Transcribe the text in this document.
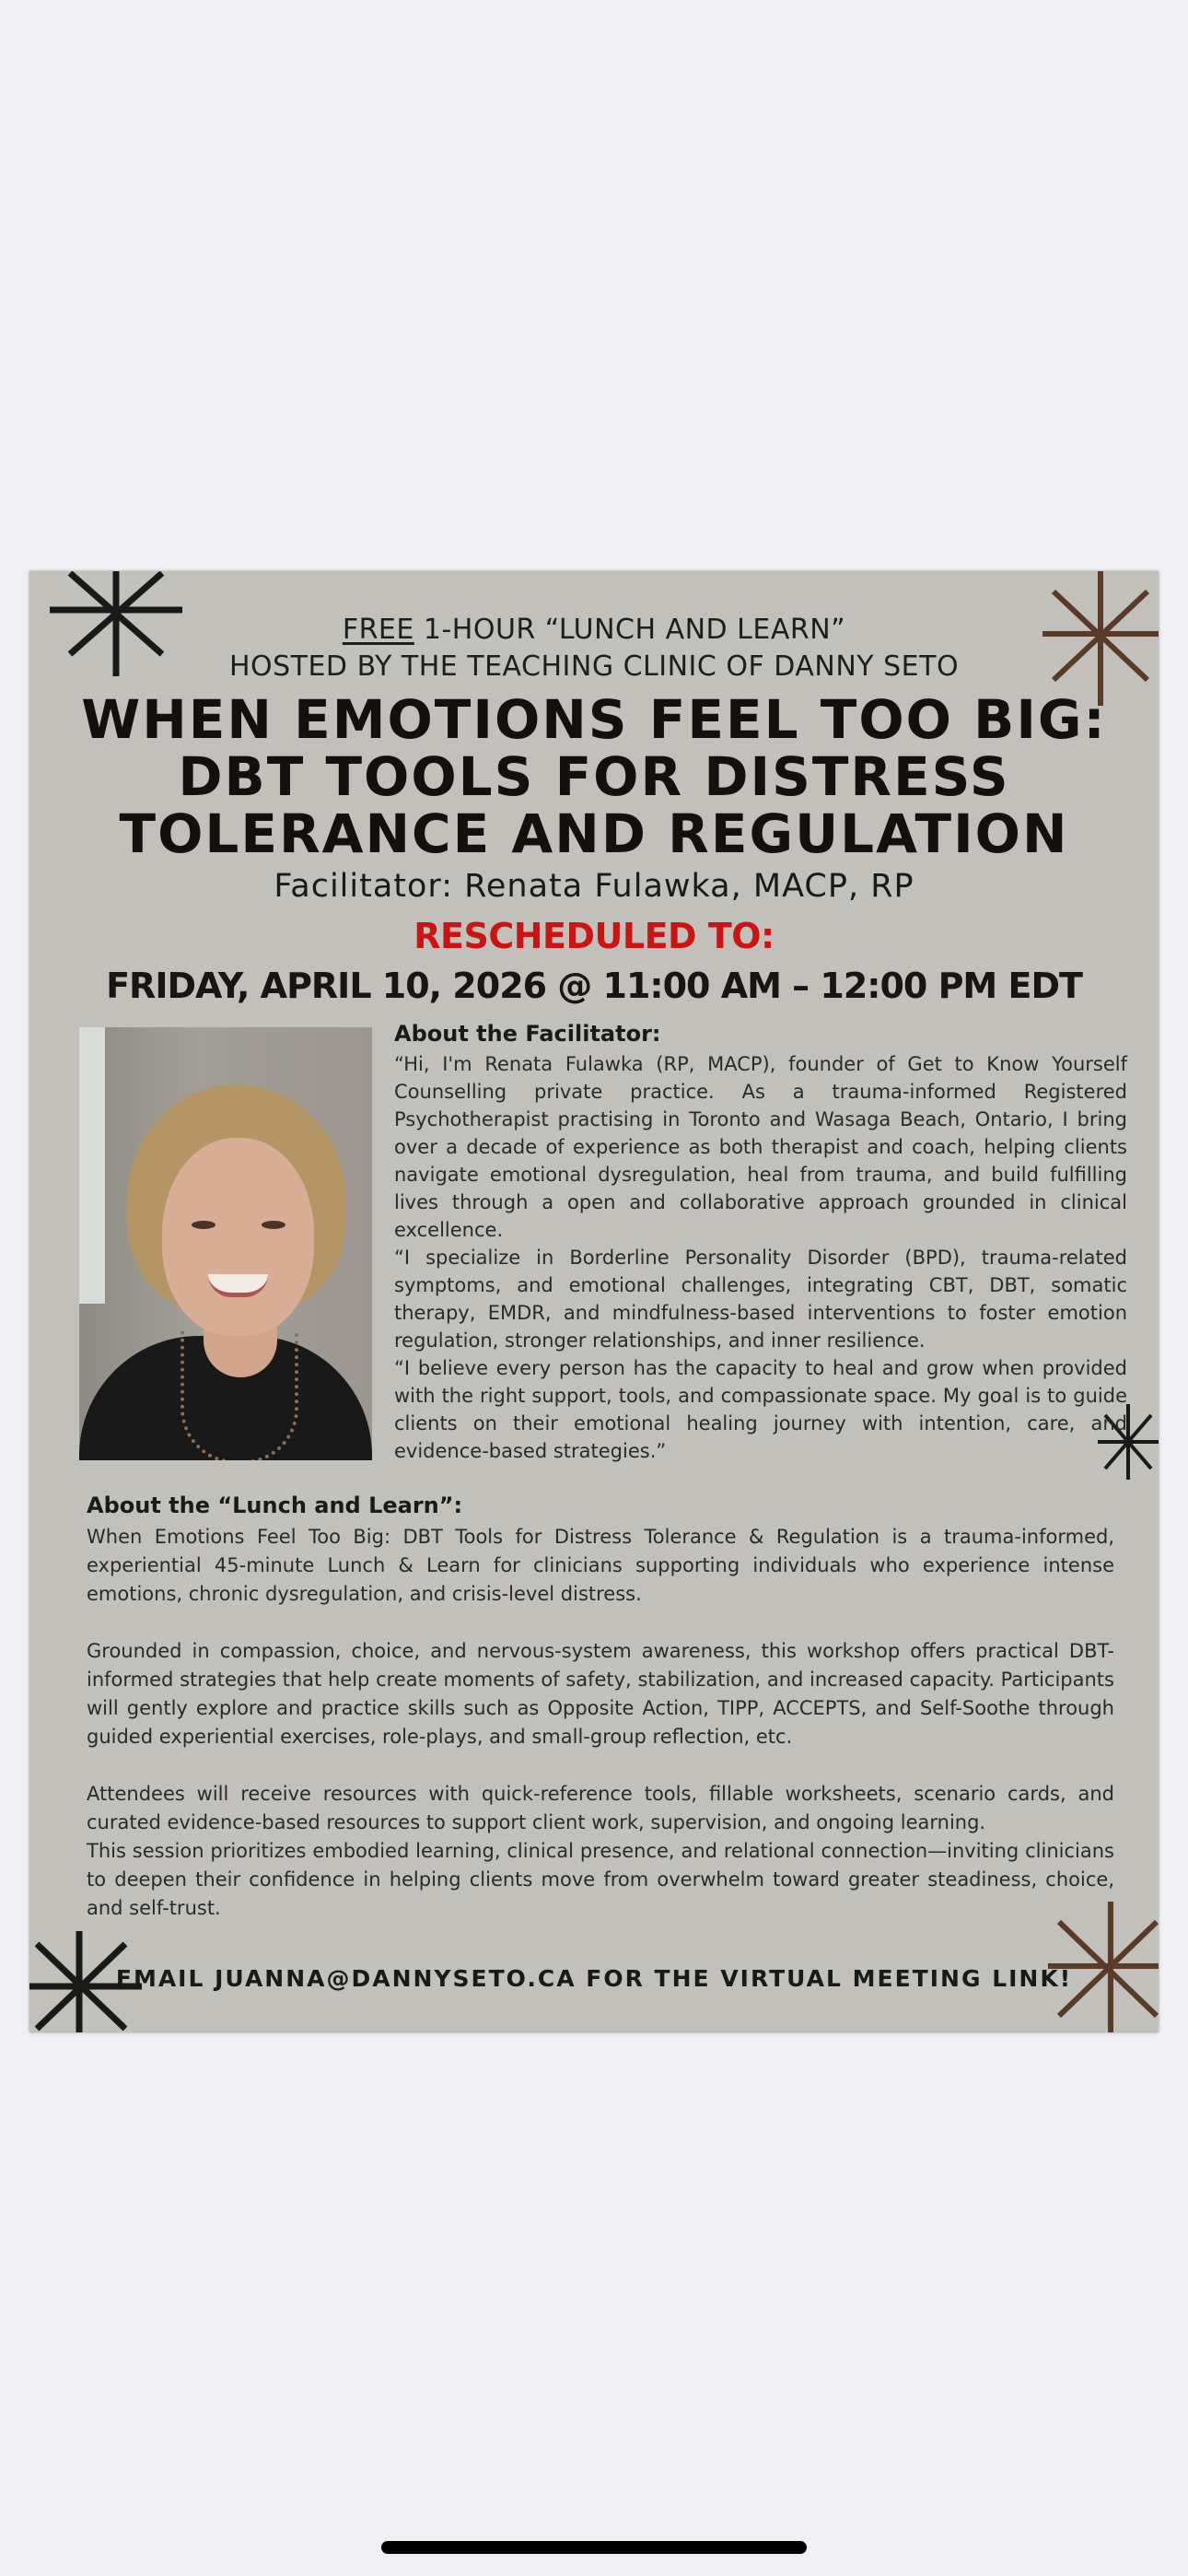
FREE 1-HOUR “LUNCH AND LEARN”
HOSTED BY THE TEACHING CLINIC OF DANNY SETO
WHEN EMOTIONS FEEL TOO BIG:
DBT TOOLS FOR DISTRESS
TOLERANCE AND REGULATION
Facilitator: Renata Fulawka, MACP, RP
RESCHEDULED TO:
FRIDAY, APRIL 10, 2026 @ 11:00 AM – 12:00 PM EDT
About the Facilitator:

“Hi, I'm Renata Fulawka (RP, MACP), founder of Get to Know Yourself Counselling private practice. As a trauma-informed Registered Psychotherapist practising in Toronto and Wasaga Beach, Ontario, I bring over a decade of experience as both therapist and coach, helping clients navigate emotional dysregulation, heal from trauma, and build fulfilling lives through a open and collaborative approach grounded in clinical excellence.

“I specialize in Borderline Personality Disorder (BPD), trauma-related symptoms, and emotional challenges, integrating CBT, DBT, somatic therapy, EMDR, and mindfulness-based interventions to foster emotion regulation, stronger relationships, and inner resilience.

“I believe every person has the capacity to heal and grow when provided with the right support, tools, and compassionate space. My goal is to guide clients on their emotional healing journey with intention, care, and evidence-based strategies.”

About the “Lunch and Learn”:

When Emotions Feel Too Big: DBT Tools for Distress Tolerance & Regulation is a trauma-informed, experiential 45-minute Lunch & Learn for clinicians supporting individuals who experience intense emotions, chronic dysregulation, and crisis-level distress.

Grounded in compassion, choice, and nervous-system awareness, this workshop offers practical DBT-informed strategies that help create moments of safety, stabilization, and increased capacity. Participants will gently explore and practice skills such as Opposite Action, TIPP, ACCEPTS, and Self-Soothe through guided experiential exercises, role-plays, and small-group reflection, etc.

Attendees will receive resources with quick-reference tools, fillable worksheets, scenario cards, and curated evidence-based resources to support client work, supervision, and ongoing learning.

This session prioritizes embodied learning, clinical presence, and relational connection—inviting clinicians to deepen their confidence in helping clients move from overwhelm toward greater steadiness, choice, and self-trust.

EMAIL JUANNA@DANNYSETO.CA FOR THE VIRTUAL MEETING LINK!
